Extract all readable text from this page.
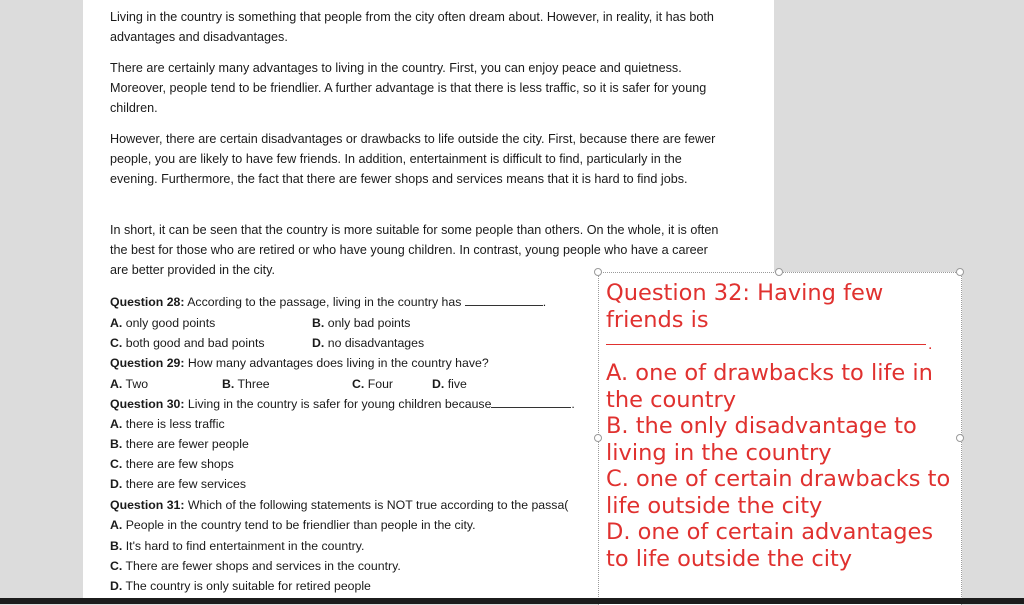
Living in the country is something that people from the city often dream about. However, in reality, it has both advantages and disadvantages.
There are certainly many advantages to living in the country. First, you can enjoy peace and quietness. Moreover, people tend to be friendlier. A further advantage is that there is less traffic, so it is safer for young children.
However, there are certain disadvantages or drawbacks to life outside the city. First, because there are fewer people, you are likely to have few friends. In addition, entertainment is difficult to find, particularly in the evening. Furthermore, the fact that there are fewer shops and services means that it is hard to find jobs.
In short, it can be seen that the country is more suitable for some people than others. On the whole, it is often the best for those who are retired or who have young children. In contrast, young people who have a career are better provided in the city.
Question 28: According to the passage, living in the country has	.
A. only good points	B. only bad points
C. both good and bad points	D. no disadvantages
Question 29: How many advantages does living in the country have?
A. Two	B. Three	C. Four	D. five
Question 30: Living in the country is safer for young children because	.
A. there is less traffic
B. there are fewer people
C. there are few shops
D. there are few services
Question 31: Which of the following statements is NOT true according to the passa(
A. People in the country tend to be friendlier than people in the city.
B. It's hard to find entertainment in the country.
C. There are fewer shops and services in the country.
D. The country is only suitable for retired people
Question 32: Having few friends is
.
A. one of drawbacks to life in the country
B. the only disadvantage to living in the country
C. one of certain drawbacks to life outside the city
D. one of certain advantages to life outside the city
